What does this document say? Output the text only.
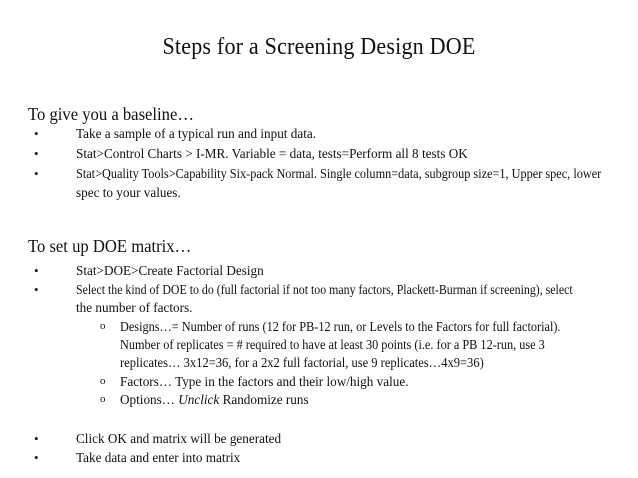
Steps for a Screening Design DOE
To give you a baseline…
•	Take a sample of a typical run and input data.
•	Stat>Control Charts > I-MR. Variable = data, tests=Perform all 8 tests OK
•	Stat>Quality Tools>Capability Six-pack Normal. Single column=data, subgroup size=1, Upper spec, lower
spec to your values.
To set up DOE matrix…
•	Stat>DOE>Create Factorial Design
•	Select the kind of DOE to do (full factorial if not too many factors, Plackett-Burman if screening), select
the number of factors.
o Designs…= Number of runs (12 for PB-12 run, or Levels to the Factors for full factorial).
Number of replicates = # required to have at least 30 points (i.e. for a PB 12-run, use 3
replicates… 3x12=36, for a 2x2 full factorial, use 9 replicates…4x9=36)
o Factors… Type in the factors and their low/high value.
o Options… Unclick Randomize runs
•	Click OK and matrix will be generated
•	Take data and enter into matrix
